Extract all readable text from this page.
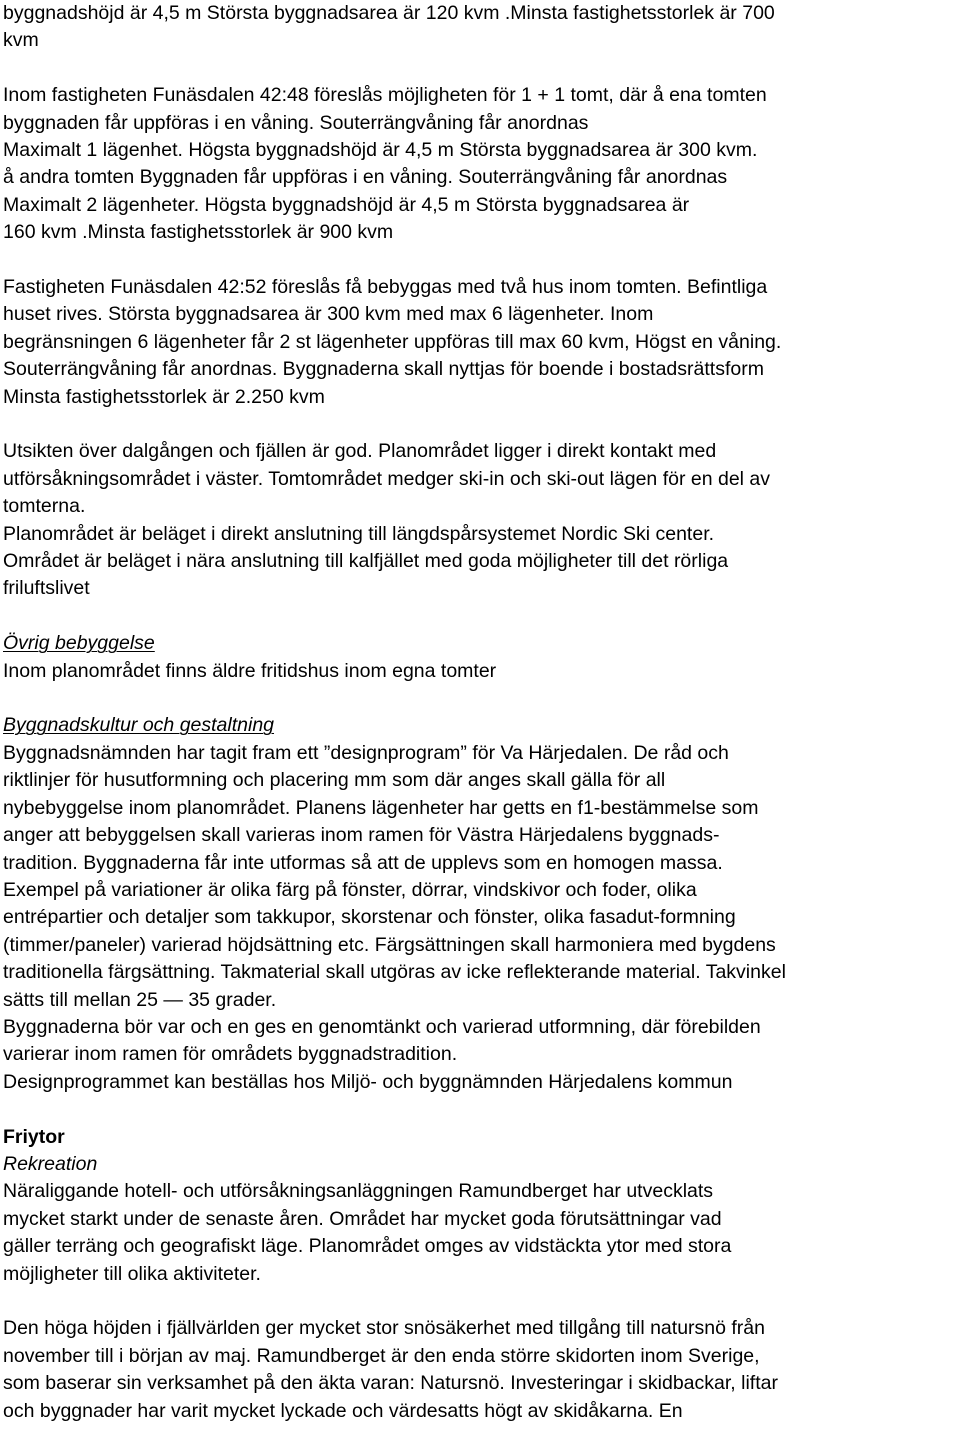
byggnadshöjd är 4,5 m Största byggnadsarea är 120 kvm .Minsta fastighetsstorlek är 700
kvm
Inom fastigheten Funäsdalen 42:48 föreslås möjligheten för 1 + 1 tomt, där å ena tomten
byggnaden får uppföras i en våning. Souterrängvåning får anordnas
Maximalt 1 lägenhet. Högsta byggnadshöjd är 4,5 m Största byggnadsarea är 300 kvm.
å andra tomten Byggnaden får uppföras i en våning. Souterrängvåning får anordnas
Maximalt 2 lägenheter. Högsta byggnadshöjd är 4,5 m Största byggnadsarea är
160 kvm .Minsta fastighetsstorlek är 900 kvm
Fastigheten Funäsdalen 42:52 föreslås få bebyggas med två hus inom tomten. Befintliga
huset rives. Största byggnadsarea är 300 kvm med max 6 lägenheter. Inom
begränsningen 6 lägenheter får 2 st lägenheter uppföras till max 60 kvm, Högst en våning.
Souterrängvåning får anordnas. Byggnaderna skall nyttjas för boende i bostadsrättsform
Minsta fastighetsstorlek är 2.250 kvm
Utsikten över dalgången och fjällen är god. Planområdet ligger i direkt kontakt med
utförsåkningsområdet i väster. Tomtområdet medger ski-in och ski-out lägen för en del av
tomterna.
Planområdet är beläget i direkt anslutning till längdspårsystemet Nordic Ski center.
Området är beläget i nära anslutning till kalfjället med goda möjligheter till det rörliga
friluftslivet
Övrig bebyggelse
Inom planområdet finns äldre fritidshus inom egna tomter
Byggnadskultur och gestaltning
Byggnadsnämnden har tagit fram ett ”designprogram” för Va Härjedalen. De råd och
riktlinjer för husutformning och placering mm som där anges skall gälla för all
nybebyggelse inom planområdet. Planens lägenheter har getts en f1-bestämmelse som
anger att bebyggelsen skall varieras inom ramen för Västra Härjedalens byggnads-
tradition. Byggnaderna får inte utformas så att de upplevs som en homogen massa.
Exempel på variationer är olika färg på fönster, dörrar, vindskivor och foder, olika
entrépartier och detaljer som takkupor, skorstenar och fönster, olika fasadut-formning
(timmer/paneler) varierad höjdsättning etc. Färgsättningen skall harmoniera med bygdens
traditionella färgsättning. Takmaterial skall utgöras av icke reflekterande material. Takvinkel
sätts till mellan 25 — 35 grader.
Byggnaderna bör var och en ges en genomtänkt och varierad utformning, där förebilden
varierar inom ramen för områdets byggnadstradition.
Designprogrammet kan beställas hos Miljö- och byggnämnden Härjedalens kommun
Friytor
Rekreation
Näraliggande hotell- och utförsåkningsanläggningen Ramundberget har utvecklats
mycket starkt under de senaste åren. Området har mycket goda förutsättningar vad
gäller terräng och geografiskt läge. Planområdet omges av vidstäckta ytor med stora
möjligheter till olika aktiviteter.
Den höga höjden i fjällvärlden ger mycket stor snösäkerhet med tillgång till natursnö från
november till i början av maj. Ramundberget är den enda större skidorten inom Sverige,
som baserar sin verksamhet på den äkta varan: Natursnö. Investeringar i skidbackar, liftar
och byggnader har varit mycket lyckade och värdesatts högt av skidåkarna. En
